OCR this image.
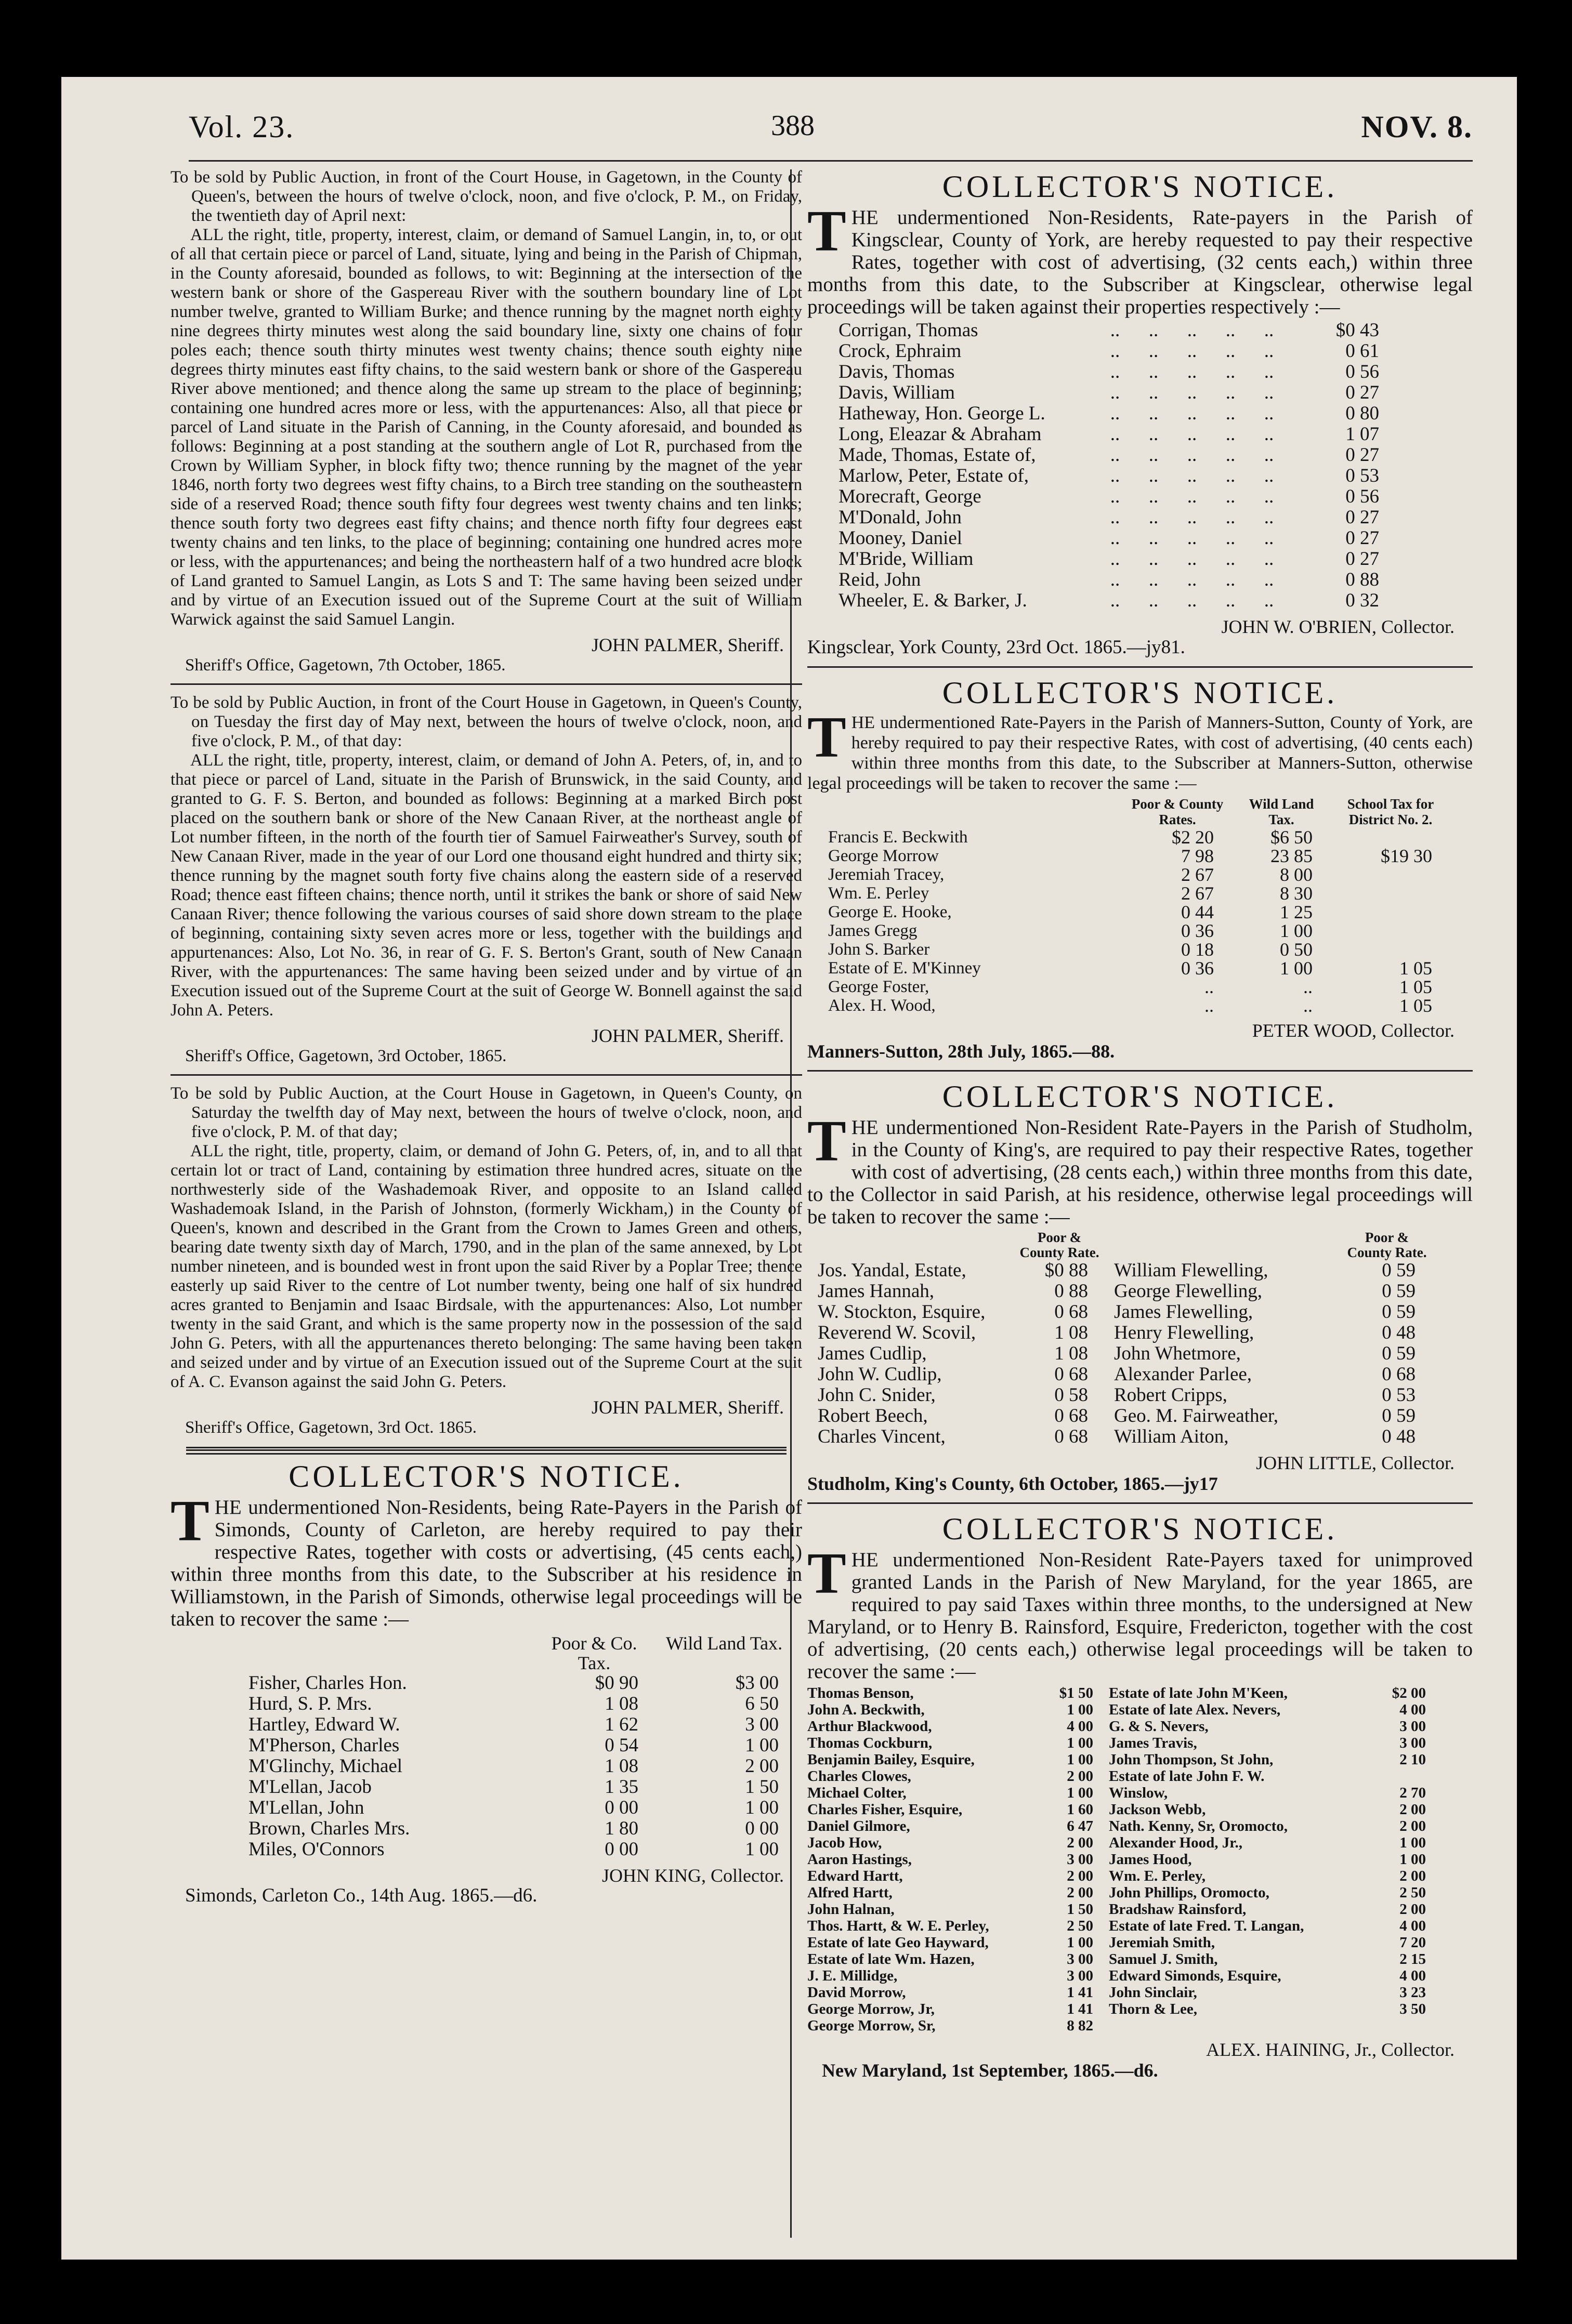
Vol. 23.	388	NOV. 8.

To be sold by Public Auction, in front of the Court House, in Gagetown, in the County of Queen's, between the hours of twelve o'clock, noon, and five o'clock, P. M., on Friday, the twentieth day of April next:

ALL the right, title, property, interest, claim, or demand of Samuel Langin, in, to, or out of all that certain piece or parcel of Land, situate, lying and being in the Parish of Chipman, in the County aforesaid, bounded as follows, to wit: Beginning at the intersection of the western bank or shore of the Gaspereau River with the southern boundary line of Lot number twelve, granted to William Burke; and thence running by the magnet north eighty nine degrees thirty minutes west along the said boundary line, sixty one chains of four poles each; thence south thirty minutes west twenty chains; thence south eighty nine degrees thirty minutes east fifty chains, to the said western bank or shore of the Gaspereau River above mentioned; and thence along the same up stream to the place of beginning; containing one hundred acres more or less, with the appurtenances: Also, all that piece or parcel of Land situate in the Parish of Canning, in the County aforesaid, and bounded as follows: Beginning at a post standing at the southern angle of Lot R, purchased from the Crown by William Sypher, in block fifty two; thence running by the magnet of the year 1846, north forty two degrees west fifty chains, to a Birch tree standing on the southeastern side of a reserved Road; thence south fifty four degrees west twenty chains and ten links; thence south forty two degrees east fifty chains; and thence north fifty four degrees east twenty chains and ten links, to the place of beginning; containing one hundred acres more or less, with the appurtenances; and being the northeastern half of a two hundred acre block of Land granted to Samuel Langin, as Lots S and T: The same having been seized under and by virtue of an Execution issued out of the Supreme Court at the suit of William Warwick against the said Samuel Langin.

JOHN PALMER, Sheriff.
Sheriff's Office, Gagetown, 7th October, 1865.

To be sold by Public Auction, in front of the Court House in Gagetown, in Queen's County, on Tuesday the first day of May next, between the hours of twelve o'clock, noon, and five o'clock, P. M., of that day:

ALL the right, title, property, interest, claim, or demand of John A. Peters, of, in, and to that piece or parcel of Land, situate in the Parish of Brunswick, in the said County, and granted to G. F. S. Berton, and bounded as follows: Beginning at a marked Birch post placed on the southern bank or shore of the New Canaan River, at the northeast angle of Lot number fifteen, in the north of the fourth tier of Samuel Fairweather's Survey, south of New Canaan River, made in the year of our Lord one thousand eight hundred and thirty six; thence running by the magnet south forty five chains along the eastern side of a reserved Road; thence east fifteen chains; thence north, until it strikes the bank or shore of said New Canaan River; thence following the various courses of said shore down stream to the place of beginning, containing sixty seven acres more or less, together with the buildings and appurtenances: Also, Lot No. 36, in rear of G. F. S. Berton's Grant, south of New Canaan River, with the appurtenances: The same having been seized under and by virtue of an Execution issued out of the Supreme Court at the suit of George W. Bonnell against the said John A. Peters.

JOHN PALMER, Sheriff.
Sheriff's Office, Gagetown, 3rd October, 1865.

To be sold by Public Auction, at the Court House in Gagetown, in Queen's County, on Saturday the twelfth day of May next, between the hours of twelve o'clock, noon, and five o'clock, P. M. of that day;

ALL the right, title, property, claim, or demand of John G. Peters, of, in, and to all that certain lot or tract of Land, containing by estimation three hundred acres, situate on the northwesterly side of the Washademoak River, and opposite to an Island called Washademoak Island, in the Parish of Johnston, (formerly Wickham,) in the County of Queen's, known and described in the Grant from the Crown to James Green and others, bearing date twenty sixth day of March, 1790, and in the plan of the same annexed, by Lot number nineteen, and is bounded west in front upon the said River by a Poplar Tree; thence easterly up said River to the centre of Lot number twenty, being one half of six hundred acres granted to Benjamin and Isaac Birdsale, with the appurtenances: Also, Lot number twenty in the said Grant, and which is the same property now in the possession of the said John G. Peters, with all the appurtenances thereto belonging: The same having been taken and seized under and by virtue of an Execution issued out of the Supreme Court at the suit of A. C. Evanson against the said John G. Peters.

JOHN PALMER, Sheriff.
Sheriff's Office, Gagetown, 3rd Oct. 1865.
COLLECTOR'S NOTICE.

THE undermentioned Non-Residents, being Rate-Payers in the Parish of Simonds, County of Carleton, are hereby required to pay their respective Rates, together with costs or advertising, (45 cents each,) within three months from this date, to the Subscriber at his residence in Williamstown, in the Parish of Simonds, otherwise legal proceedings will be taken to recover the same :—

	Poor & Co. Tax.	Wild Land Tax.
Fisher, Charles Hon.	$0 90	$3 00
Hurd, S. P. Mrs.	1 08	6 50
Hartley, Edward W.	1 62	3 00
M'Pherson, Charles	0 54	1 00
M'Glinchy, Michael	1 08	2 00
M'Lellan, Jacob	1 35	1 50
M'Lellan, John	0 00	1 00
Brown, Charles Mrs.	1 80	0 00
Miles, O'Connors	0 00	1 00
JOHN KING, Collector.
Simonds, Carleton Co., 14th Aug. 1865.—d6.
COLLECTOR'S NOTICE.

THE undermentioned Non-Residents, Rate-payers in the Parish of Kingsclear, County of York, are hereby requested to pay their respective Rates, together with cost of advertising, (32 cents each,) within three months from this date, to the Subscriber at Kingsclear, otherwise legal proceedings will be taken against their properties respectively :—

Corrigan, Thomas	..      ..      ..      ..      ..	$0 43
Crock, Ephraim	..      ..      ..      ..      ..	0 61
Davis, Thomas	..      ..      ..      ..      ..	0 56
Davis, William	..      ..      ..      ..      ..	0 27
Hatheway, Hon. George L.	..      ..      ..      ..      ..	0 80
Long, Eleazar & Abraham	..      ..      ..      ..      ..	1 07
Made, Thomas, Estate of,	..      ..      ..      ..      ..	0 27
Marlow, Peter, Estate of,	..      ..      ..      ..      ..	0 53
Morecraft, George	..      ..      ..      ..      ..	0 56
M'Donald, John	..      ..      ..      ..      ..	0 27
Mooney, Daniel	..      ..      ..      ..      ..	0 27
M'Bride, William	..      ..      ..      ..      ..	0 27
Reid, John	..      ..      ..      ..      ..	0 88
Wheeler, E. & Barker, J.	..      ..      ..      ..      ..	0 32
JOHN W. O'BRIEN, Collector.
Kingsclear, York County, 23rd Oct. 1865.—jy81.
COLLECTOR'S NOTICE.

THE undermentioned Rate-Payers in the Parish of Manners-Sutton, County of York, are hereby required to pay their respective Rates, with cost of advertising, (40 cents each) within three months from this date, to the Subscriber at Manners-Sutton, otherwise legal proceedings will be taken to recover the same :—

	Poor & County Rates.	Wild Land Tax.	School Tax for District No. 2.
Francis E. Beckwith	$2 20	$6 50	
George Morrow	7 98	23 85	$19 30
Jeremiah Tracey,	2 67	8 00	
Wm. E. Perley	2 67	8 30	
George E. Hooke,	0 44	1 25	
James Gregg	0 36	1 00	
John S. Barker	0 18	0 50	
Estate of E. M'Kinney	0 36	1 00	1 05
George Foster,	..	..	1 05
Alex. H. Wood,	..	..	1 05
PETER WOOD, Collector.
Manners-Sutton, 28th July, 1865.—88.
COLLECTOR'S NOTICE.

THE undermentioned Non-Resident Rate-Payers in the Parish of Studholm, in the County of King's, are required to pay their respective Rates, together with cost of advertising, (28 cents each,) within three months from this date, to the Collector in said Parish, at his residence, otherwise legal proceedings will be taken to recover the same :—

	Poor & County Rate.		Poor & County Rate.
Jos. Yandal, Estate,	$0 88	William Flewelling,	0 59
James Hannah,	0 88	George Flewelling,	0 59
W. Stockton, Esquire,	0 68	James Flewelling,	0 59
Reverend W. Scovil,	1 08	Henry Flewelling,	0 48
James Cudlip,	1 08	John Whetmore,	0 59
John W. Cudlip,	0 68	Alexander Parlee,	0 68
John C. Snider,	0 58	Robert Cripps,	0 53
Robert Beech,	0 68	Geo. M. Fairweather,	0 59
Charles Vincent,	0 68	William Aiton,	0 48
JOHN LITTLE, Collector.
Studholm, King's County, 6th October, 1865.—jy17
COLLECTOR'S NOTICE.

THE undermentioned Non-Resident Rate-Payers taxed for unimproved granted Lands in the Parish of New Maryland, for the year 1865, are required to pay said Taxes within three months, to the undersigned at New Maryland, or to Henry B. Rainsford, Esquire, Fredericton, together with the cost of advertising, (20 cents each,) otherwise legal proceedings will be taken to recover the same :—

Thomas Benson,	$1 50	Estate of late John M'Keen,	$2 00
John A. Beckwith,	1 00	Estate of late Alex. Nevers,	4 00
Arthur Blackwood,	4 00	G. & S. Nevers,	3 00
Thomas Cockburn,	1 00	James Travis,	3 00
Benjamin Bailey, Esquire,	1 00	John Thompson, St John,	2 10
Charles Clowes,	2 00	Estate of late John F. W.	
Michael Colter,	1 00	Winslow,	2 70
Charles Fisher, Esquire,	1 60	Jackson Webb,	2 00
Daniel Gilmore,	6 47	Nath. Kenny, Sr, Oromocto,	2 00
Jacob How,	2 00	Alexander Hood, Jr.,	1 00
Aaron Hastings,	3 00	James Hood,	1 00
Edward Hartt,	2 00	Wm. E. Perley,	2 00
Alfred Hartt,	2 00	John Phillips, Oromocto,	2 50
John Halnan,	1 50	Bradshaw Rainsford,	2 00
Thos. Hartt, & W. E. Perley,	2 50	Estate of late Fred. T. Langan,	4 00
Estate of late Geo Hayward,	1 00	Jeremiah Smith,	7 20
Estate of late Wm. Hazen,	3 00	Samuel J. Smith,	2 15
J. E. Millidge,	3 00	Edward Simonds, Esquire,	4 00
David Morrow,	1 41	John Sinclair,	3 23
George Morrow, Jr,	1 41	Thorn & Lee,	3 50
George Morrow, Sr,	8 82		
ALEX. HAINING, Jr., Collector.
New Maryland, 1st September, 1865.—d6.
